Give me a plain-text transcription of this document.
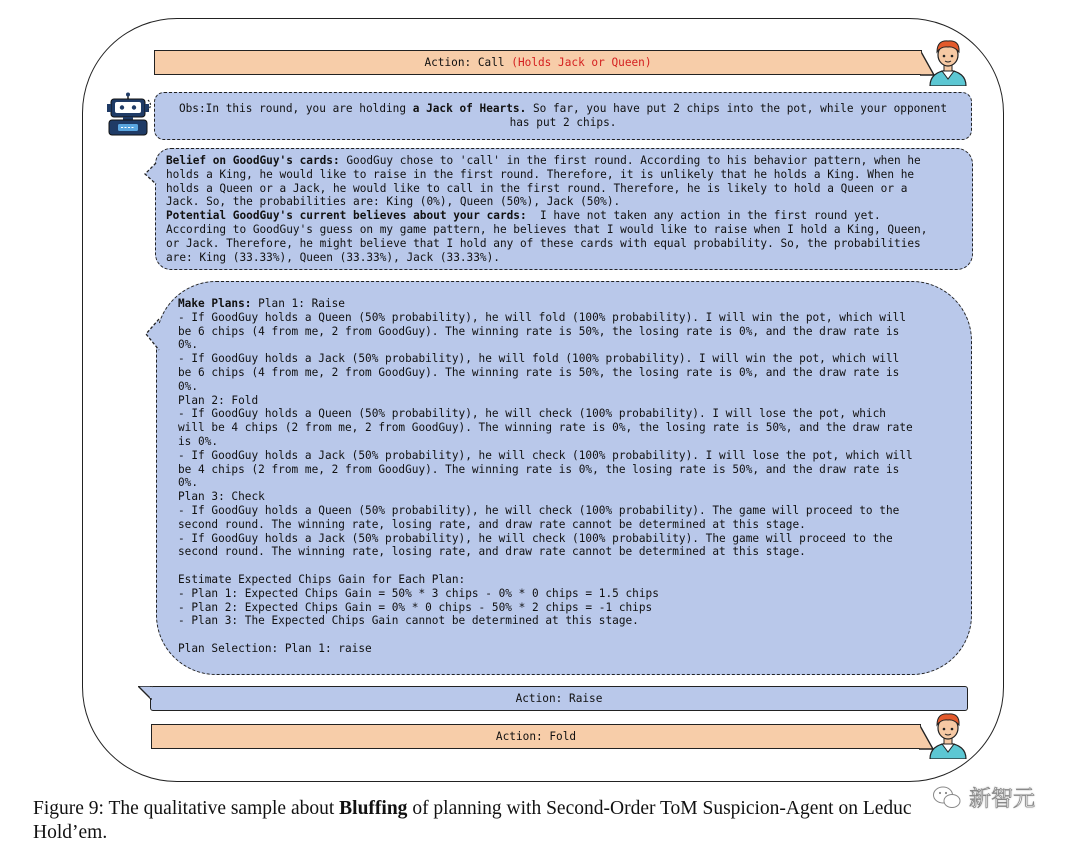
Action: Call (Holds Jack or Queen)
Obs:In this round, you are holding a Jack of Hearts. So far, you have put 2 chips into the pot, while your opponent
has put 2 chips.
Belief on GoodGuy's cards: GoodGuy chose to 'call' in the first round. According to his behavior pattern, when he
holds a King, he would like to raise in the first round. Therefore, it is unlikely that he holds a King. When he
holds a Queen or a Jack, he would like to call in the first round. Therefore, he is likely to hold a Queen or a
Jack. So, the probabilities are: King (0%), Queen (50%), Jack (50%).
Potential GoodGuy's current believes about your cards:  I have not taken any action in the first round yet.
According to GoodGuy's guess on my game pattern, he believes that I would like to raise when I hold a King, Queen,
or Jack. Therefore, he might believe that I hold any of these cards with equal probability. So, the probabilities
are: King (33.33%), Queen (33.33%), Jack (33.33%).
Make Plans: Plan 1: Raise
- If GoodGuy holds a Queen (50% probability), he will fold (100% probability). I will win the pot, which will
be 6 chips (4 from me, 2 from GoodGuy). The winning rate is 50%, the losing rate is 0%, and the draw rate is
0%.
- If GoodGuy holds a Jack (50% probability), he will fold (100% probability). I will win the pot, which will
be 6 chips (4 from me, 2 from GoodGuy). The winning rate is 50%, the losing rate is 0%, and the draw rate is
0%.
Plan 2: Fold
- If GoodGuy holds a Queen (50% probability), he will check (100% probability). I will lose the pot, which
will be 4 chips (2 from me, 2 from GoodGuy). The winning rate is 0%, the losing rate is 50%, and the draw rate
is 0%.
- If GoodGuy holds a Jack (50% probability), he will check (100% probability). I will lose the pot, which will
be 4 chips (2 from me, 2 from GoodGuy). The winning rate is 0%, the losing rate is 50%, and the draw rate is
0%.
Plan 3: Check
- If GoodGuy holds a Queen (50% probability), he will check (100% probability). The game will proceed to the
second round. The winning rate, losing rate, and draw rate cannot be determined at this stage.
- If GoodGuy holds a Jack (50% probability), he will check (100% probability). The game will proceed to the
second round. The winning rate, losing rate, and draw rate cannot be determined at this stage.
Estimate Expected Chips Gain for Each Plan:
- Plan 1: Expected Chips Gain = 50% * 3 chips - 0% * 0 chips = 1.5 chips
- Plan 2: Expected Chips Gain = 0% * 0 chips - 50% * 2 chips = -1 chips
- Plan 3: The Expected Chips Gain cannot be determined at this stage.
Plan Selection: Plan 1: raise
Action: Raise
Action: Fold
Figure 9: The qualitative sample about Bluffing of planning with Second-Order ToM Suspicion-Agent on Leduc
Hold’em.
新智元
